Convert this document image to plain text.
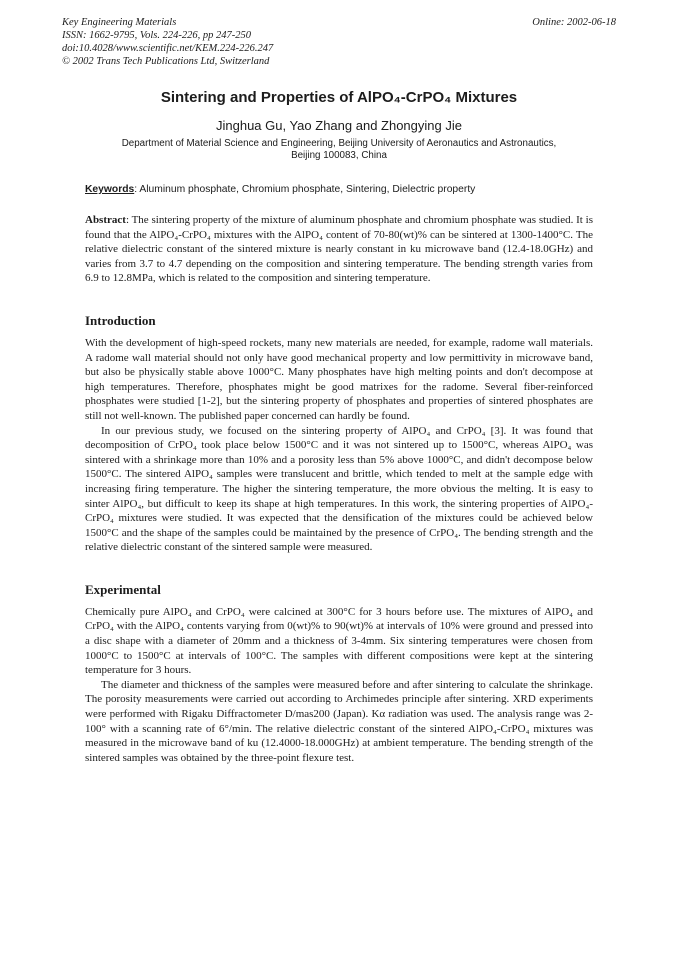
Key Engineering Materials
ISSN: 1662-9795, Vols. 224-226, pp 247-250
doi:10.4028/www.scientific.net/KEM.224-226.247
© 2002 Trans Tech Publications Ltd, Switzerland
Online: 2002-06-18
Sintering and Properties of AlPO₄-CrPO₄ Mixtures
Jinghua Gu, Yao Zhang and Zhongying Jie
Department of Material Science and Engineering, Beijing University of Aeronautics and Astronautics,
Beijing 100083, China
Keywords: Aluminum phosphate, Chromium phosphate, Sintering, Dielectric property

Abstract: The sintering property of the mixture of aluminum phosphate and chromium phosphate was studied. It is found that the AlPO₄-CrPO₄ mixtures with the AlPO₄ content of 70-80(wt)% can be sintered at 1300-1400°C. The relative dielectric constant of the sintered mixture is nearly constant in ku microwave band (12.4-18.0GHz) and varies from 3.7 to 4.7 depending on the composition and sintering temperature. The bending strength varies from 6.9 to 12.8MPa, which is related to the composition and sintering temperature.

Introduction

With the development of high-speed rockets, many new materials are needed, for example, radome wall materials. A radome wall material should not only have good mechanical property and low permittivity in microwave band, but also be physically stable above 1000°C. Many phosphates have high melting points and don't decompose at high temperatures. Therefore, phosphates might be good matrixes for the radome. Several fiber-reinforced phosphates were studied [1-2], but the sintering property of phosphates and properties of sintered phosphates are still not well-known. The published paper concerned can hardly be found.

In our previous study, we focused on the sintering property of AlPO₄ and CrPO₄ [3]. It was found that decomposition of CrPO₄ took place below 1500°C and it was not sintered up to 1500°C, whereas AlPO₄ was sintered with a shrinkage more than 10% and a porosity less than 5% above 1000°C, and didn't decompose below 1500°C. The sintered AlPO₄ samples were translucent and brittle, which tended to melt at the sample edge with increasing firing temperature. The higher the sintering temperature, the more obvious the melting. It is easy to sinter AlPO₄, but difficult to keep its shape at high temperatures. In this work, the sintering properties of AlPO₄-CrPO₄ mixtures were studied. It was expected that the densification of the mixtures could be achieved below 1500°C and the shape of the samples could be maintained by the presence of CrPO₄. The bending strength and the relative dielectric constant of the sintered sample were measured.

Experimental

Chemically pure AlPO₄ and CrPO₄ were calcined at 300°C for 3 hours before use. The mixtures of AlPO₄ and CrPO₄ with the AlPO₄ contents varying from 0(wt)% to 90(wt)% at intervals of 10% were ground and pressed into a disc shape with a diameter of 20mm and a thickness of 3-4mm. Six sintering temperatures were chosen from 1000°C to 1500°C at intervals of 100°C. The samples with different compositions were kept at the sintering temperature for 3 hours.

The diameter and thickness of the samples were measured before and after sintering to calculate the shrinkage. The porosity measurements were carried out according to Archimedes principle after sintering. XRD experiments were performed with Rigaku Diffractometer D/mas200 (Japan). Kα radiation was used. The analysis range was 2-100° with a scanning rate of 6°/min. The relative dielectric constant of the sintered AlPO₄-CrPO₄ mixtures was measured in the microwave band of ku (12.4000-18.000GHz) at ambient temperature. The bending strength of the sintered samples was obtained by the three-point flexure test.
